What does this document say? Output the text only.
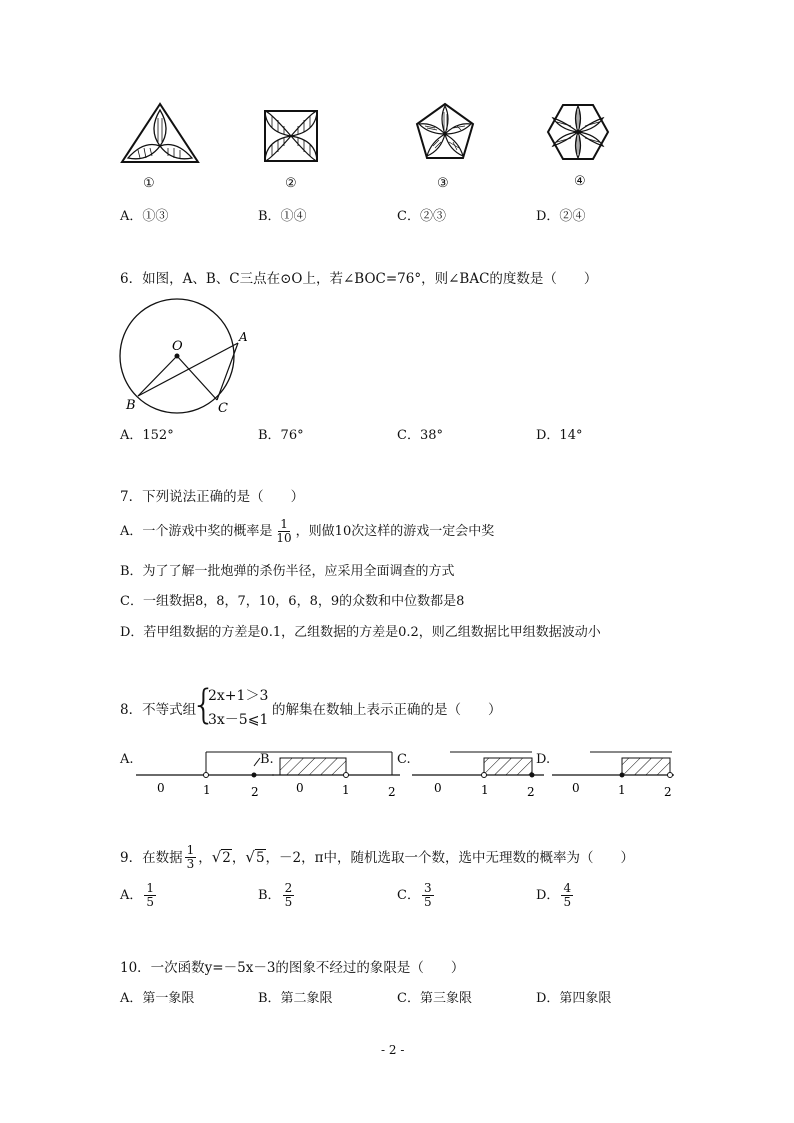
①	②	③	④
A．①③	B．①④	C．②③	D．②④
6．如图，A、B、C三点在⊙O上，若∠BOC=76°，则∠BAC的度数是（　　）
O
A
B	C
A．152°	B．76°	C．38°	D．14°
7．下列说法正确的是（　　）
A．一个游戏中奖的概率是 $\frac{1}{10}$ ，则做10次这样的游戏一定会中奖
B．为了了解一批炮弹的杀伤半径，应采用全面调查的方式
C．一组数据8，8，7，10，6，8，9的众数和中位数都是8
D．若甲组数据的方差是0.1，乙组数据的方差是0.2，则乙组数据比甲组数据波动小
8．不等式组
{
2x+1＞3
3x－5⩽1
的解集在数轴上表示正确的是（　　）
A.
0	1	2
B.
0	1	2
C.
0	1	2
D.
0	1	2
9．在数据 $\frac{1}{3}$ ， √2 ， √5 ，－2，π中，随机选取一个数，选中无理数的概率为（　　）
A． $\frac{1}{5}$	B． $\frac{2}{5}$	C． $\frac{3}{5}$	D． $\frac{4}{5}$
10．一次函数y=－5x－3的图象不经过的象限是（　　）
A．第一象限	B．第二象限	C．第三象限	D．第四象限
- 2 -
